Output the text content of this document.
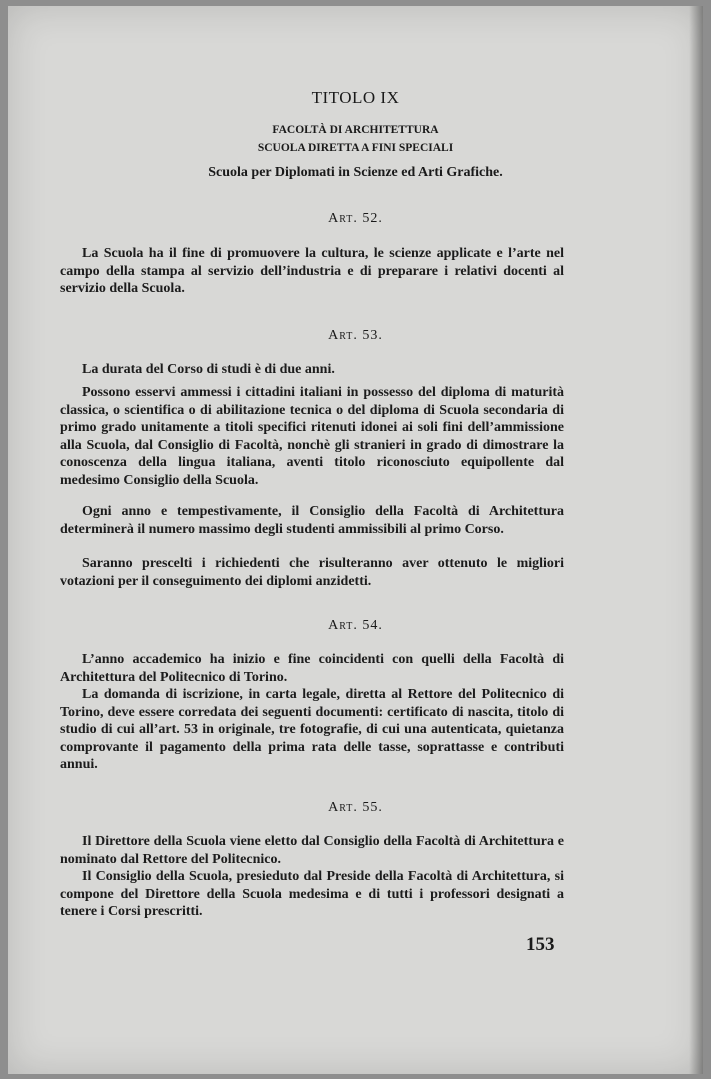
TITOLO IX
FACOLTÀ DI ARCHITETTURA
SCUOLA DIRETTA A FINI SPECIALI
Scuola per Diplomati in Scienze ed Arti Grafiche.
Art. 52.
La Scuola ha il fine di promuovere la cultura, le scienze applicate e l’arte nel campo della stampa al servizio dell’industria e di preparare i relativi docenti al servizio della Scuola.
Art. 53.
La durata del Corso di studi è di due anni.
Possono esservi ammessi i cittadini italiani in possesso del diploma di maturità classica, o scientifica o di abilitazione tecnica o del diploma di Scuola secondaria di primo grado unitamente a titoli specifici ritenuti idonei ai soli fini dell’ammissione alla Scuola, dal Consiglio di Facoltà, nonchè gli stranieri in grado di dimostrare la conoscenza della lingua italiana, aventi titolo riconosciuto equipollente dal medesimo Consiglio della Scuola.
Ogni anno e tempestivamente, il Consiglio della Facoltà di Architettura determinerà il numero massimo degli studenti ammissibili al primo Corso.
Saranno prescelti i richiedenti che risulteranno aver ottenuto le migliori votazioni per il conseguimento dei diplomi anzidetti.
Art. 54.
L’anno accademico ha inizio e fine coincidenti con quelli della Facoltà di Architettura del Politecnico di Torino.
La domanda di iscrizione, in carta legale, diretta al Rettore del Politecnico di Torino, deve essere corredata dei seguenti documenti: certificato di nascita, titolo di studio di cui all’art. 53 in originale, tre fotografie, di cui una autenticata, quietanza comprovante il pagamento della prima rata delle tasse, soprattasse e contributi annui.
Art. 55.
Il Direttore della Scuola viene eletto dal Consiglio della Facoltà di Architettura e nominato dal Rettore del Politecnico.
Il Consiglio della Scuola, presieduto dal Preside della Facoltà di Architettura, si compone del Direttore della Scuola medesima e di tutti i professori designati a tenere i Corsi prescritti.
153
